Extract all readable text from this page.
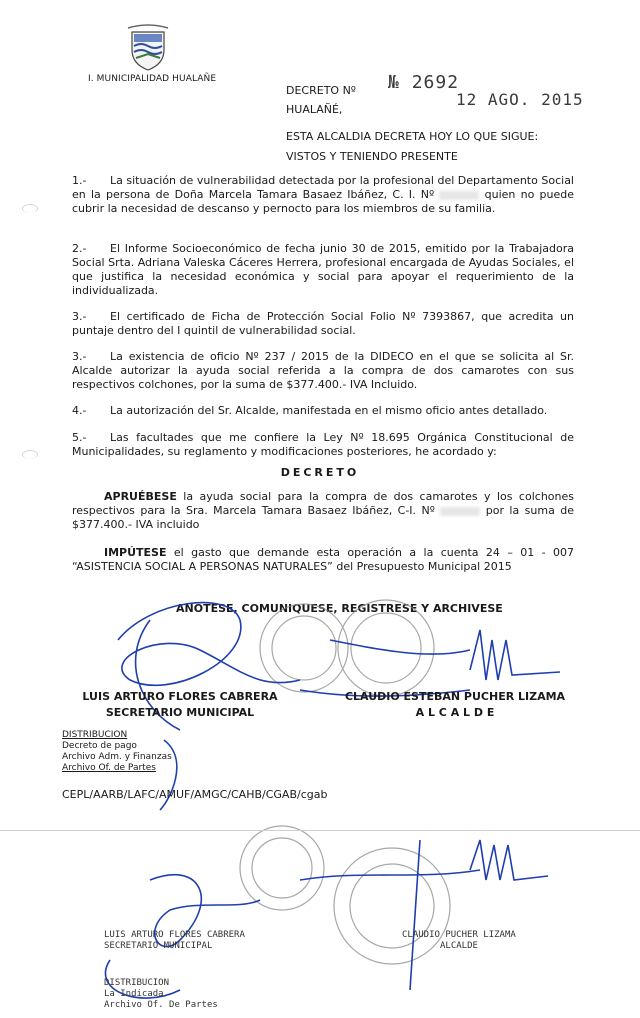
I. MUNICIPALIDAD HUALAÑE
DECRETO Nº № 2692
HUALAÑÉ,
12 AGO. 2015
ESTA ALCALDIA DECRETA HOY LO QUE SIGUE:
VISTOS Y TENIENDO PRESENTE
1.- La situación de vulnerabilidad detectada por la profesional del Departamento Social en la persona de Doña Marcela Tamara Basaez Ibáñez, C. I. Nº	quien no puede cubrir la necesidad de descanso y pernocto para los miembros de su familia.
2.- El Informe Socioeconómico de fecha junio 30 de 2015, emitido por la Trabajadora Social Srta. Adriana Valeska Cáceres Herrera, profesional encargada de Ayudas Sociales, el que justifica la necesidad económica y social para apoyar el requerimiento de la individualizada.
3.- El certificado de Ficha de Protección Social Folio Nº 7393867, que acredita un puntaje dentro del I quintil de vulnerabilidad social.
3.- La existencia de oficio Nº 237 / 2015 de la DIDECO en el que se solicita al Sr. Alcalde autorizar la ayuda social referida a la compra de dos camarotes con sus respectivos colchones, por la suma de $377.400.- IVA Incluido.
4.- La autorización del Sr. Alcalde, manifestada en el mismo oficio antes detallado.
5.- Las facultades que me confiere la Ley Nº 18.695 Orgánica Constitucional de Municipalidades, su reglamento y modificaciones posteriores, he acordado y:
DECRETO
APRUÉBESE la ayuda social para la compra de dos camarotes y los colchones respectivos para la Sra. Marcela Tamara Basaez Ibáñez, C-I. Nº	por la suma de $377.400.- IVA incluido
IMPÚTESE el gasto que demande esta operación a la cuenta 24 – 01 - 007 “ASISTENCIA SOCIAL A PERSONAS NATURALES” del Presupuesto Municipal 2015
ANOTESE, COMUNIQUESE, REGISTRESE Y ARCHIVESE
LUIS ARTURO FLORES CABRERA
SECRETARIO MUNICIPAL
CLAUDIO ESTEBAN PUCHER LIZAMA
A L C A L D E
DISTRIBUCION
Decreto de pago
Archivo Adm. y Finanzas
Archivo Of. de Partes
CEPL/AARB/LAFC/AMUF/AMGC/CAHB/CGAB/cgab
LUIS ARTURO FLORES CABRERA
SECRETARIO MUNICIPAL
CLAUDIO PUCHER LIZAMA
ALCALDE
DISTRIBUCION
La Indicada
Archivo Of. De Partes
